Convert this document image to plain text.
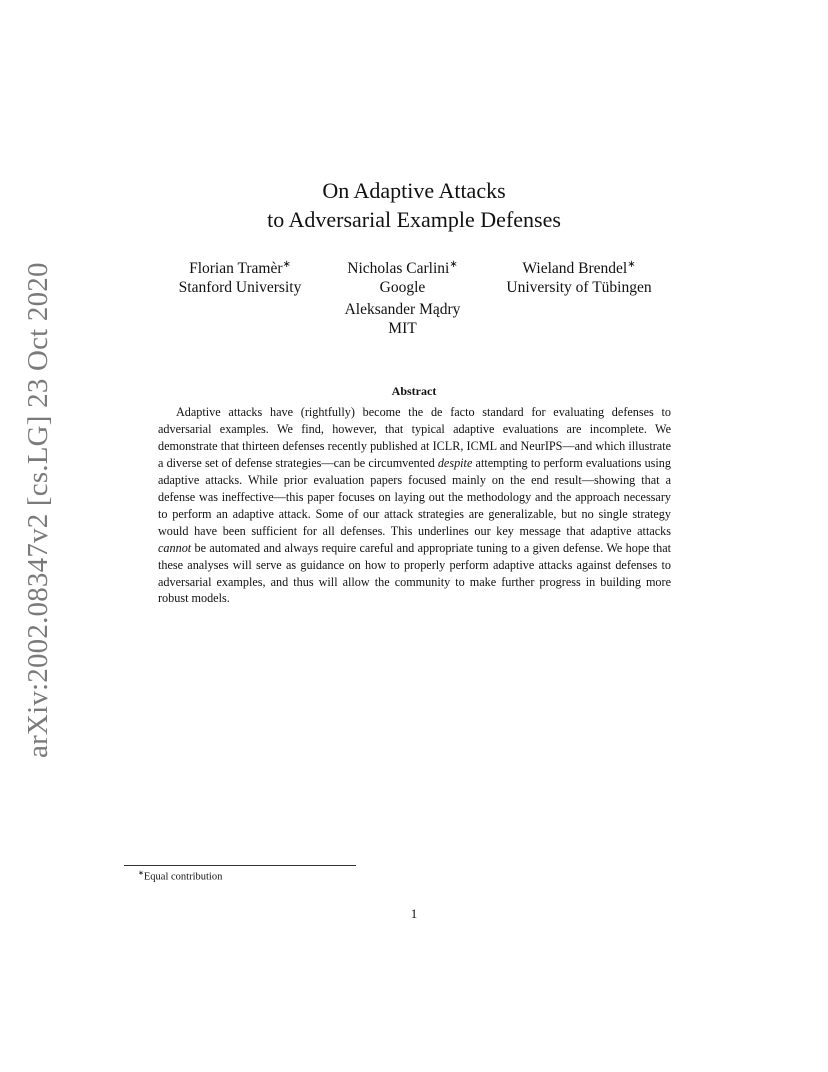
arXiv:2002.08347v2 [cs.LG] 23 Oct 2020
On Adaptive Attacks
to Adversarial Example Defenses
Florian Tramèr∗
Stanford University
Nicholas Carlini∗
Google
Wieland Brendel∗
University of Tübingen
Aleksander Mądry
MIT
Abstract
Adaptive attacks have (rightfully) become the de facto standard for evaluating defenses to adversarial examples. We find, however, that typical adaptive evaluations are incomplete. We demonstrate that thirteen defenses recently published at ICLR, ICML and NeurIPS—and which illustrate a diverse set of defense strategies—can be circumvented despite attempting to perform evaluations using adaptive attacks. While prior evaluation papers focused mainly on the end result—showing that a defense was ineffective—this paper focuses on laying out the methodology and the approach necessary to perform an adaptive attack. Some of our attack strategies are generalizable, but no single strategy would have been sufficient for all defenses. This underlines our key message that adaptive attacks cannot be automated and always require careful and appropriate tuning to a given defense. We hope that these analyses will serve as guidance on how to properly perform adaptive attacks against defenses to adversarial examples, and thus will allow the community to make further progress in building more robust models.
∗Equal contribution
1
